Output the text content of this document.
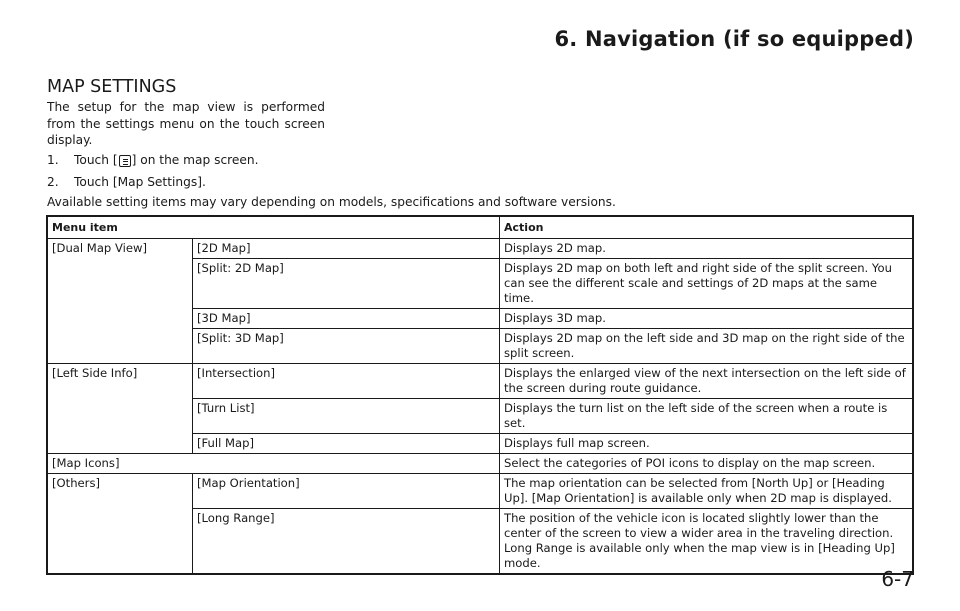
6. Navigation (if so equipped)
MAP SETTINGS
The setup for the map view is performed from the settings menu on the touch screen display.
1. Touch [ ] on the map screen.
2. Touch [Map Settings].
Available setting items may vary depending on models, specifications and software versions.
Menu item		Action
[Dual Map View]	[2D Map]	Displays 2D map.
	[Split: 2D Map]	Displays 2D map on both left and right side of the split screen. You can see the different scale and settings of 2D maps at the same time.
	[3D Map]	Displays 3D map.
	[Split: 3D Map]	Displays 2D map on the left side and 3D map on the right side of the split screen.
[Left Side Info]	[Intersection]	Displays the enlarged view of the next intersection on the left side of the screen during route guidance.
	[Turn List]	Displays the turn list on the left side of the screen when a route is set.
	[Full Map]	Displays full map screen.
[Map Icons]		Select the categories of POI icons to display on the map screen.
[Others]	[Map Orientation]	The map orientation can be selected from [North Up] or [Heading Up]. [Map Orientation] is available only when 2D map is displayed.
	[Long Range]	The position of the vehicle icon is located slightly lower than the center of the screen to view a wider area in the traveling direction. Long Range is available only when the map view is in [Heading Up] mode.
6-7
